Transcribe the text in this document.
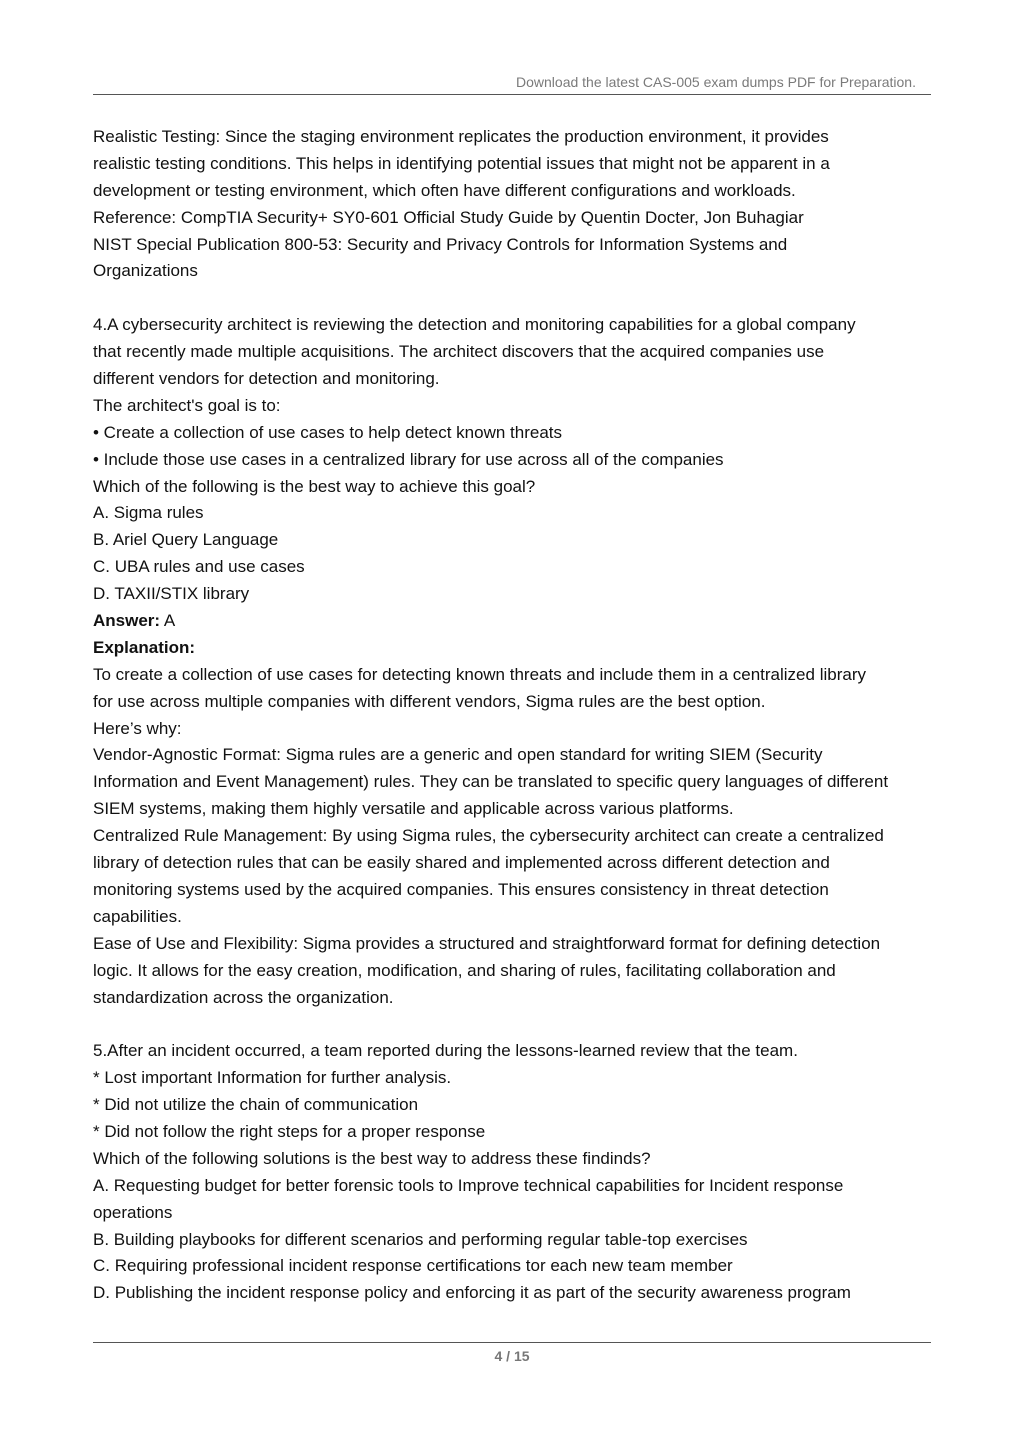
Download the latest CAS-005 exam dumps PDF for Preparation.
Realistic Testing: Since the staging environment replicates the production environment, it provides
realistic testing conditions. This helps in identifying potential issues that might not be apparent in a
development or testing environment, which often have different configurations and workloads.
Reference: CompTIA Security+ SY0-601 Official Study Guide by Quentin Docter, Jon Buhagiar
NIST Special Publication 800-53: Security and Privacy Controls for Information Systems and
Organizations
4.A cybersecurity architect is reviewing the detection and monitoring capabilities for a global company
that recently made multiple acquisitions. The architect discovers that the acquired companies use
different vendors for detection and monitoring.
The architect's goal is to:
• Create a collection of use cases to help detect known threats
• Include those use cases in a centralized library for use across all of the companies
Which of the following is the best way to achieve this goal?
A. Sigma rules
B. Ariel Query Language
C. UBA rules and use cases
D. TAXII/STIX library
Answer: A
Explanation:
To create a collection of use cases for detecting known threats and include them in a centralized library
for use across multiple companies with different vendors, Sigma rules are the best option.
Here’s why:
Vendor-Agnostic Format: Sigma rules are a generic and open standard for writing SIEM (Security
Information and Event Management) rules. They can be translated to specific query languages of different
SIEM systems, making them highly versatile and applicable across various platforms.
Centralized Rule Management: By using Sigma rules, the cybersecurity architect can create a centralized
library of detection rules that can be easily shared and implemented across different detection and
monitoring systems used by the acquired companies. This ensures consistency in threat detection
capabilities.
Ease of Use and Flexibility: Sigma provides a structured and straightforward format for defining detection
logic. It allows for the easy creation, modification, and sharing of rules, facilitating collaboration and
standardization across the organization.
5.After an incident occurred, a team reported during the lessons-learned review that the team.
* Lost important Information for further analysis.
* Did not utilize the chain of communication
* Did not follow the right steps for a proper response
Which of the following solutions is the best way to address these findinds?
A. Requesting budget for better forensic tools to Improve technical capabilities for Incident response
operations
B. Building playbooks for different scenarios and performing regular table-top exercises
C. Requiring professional incident response certifications tor each new team member
D. Publishing the incident response policy and enforcing it as part of the security awareness program
4 / 15
